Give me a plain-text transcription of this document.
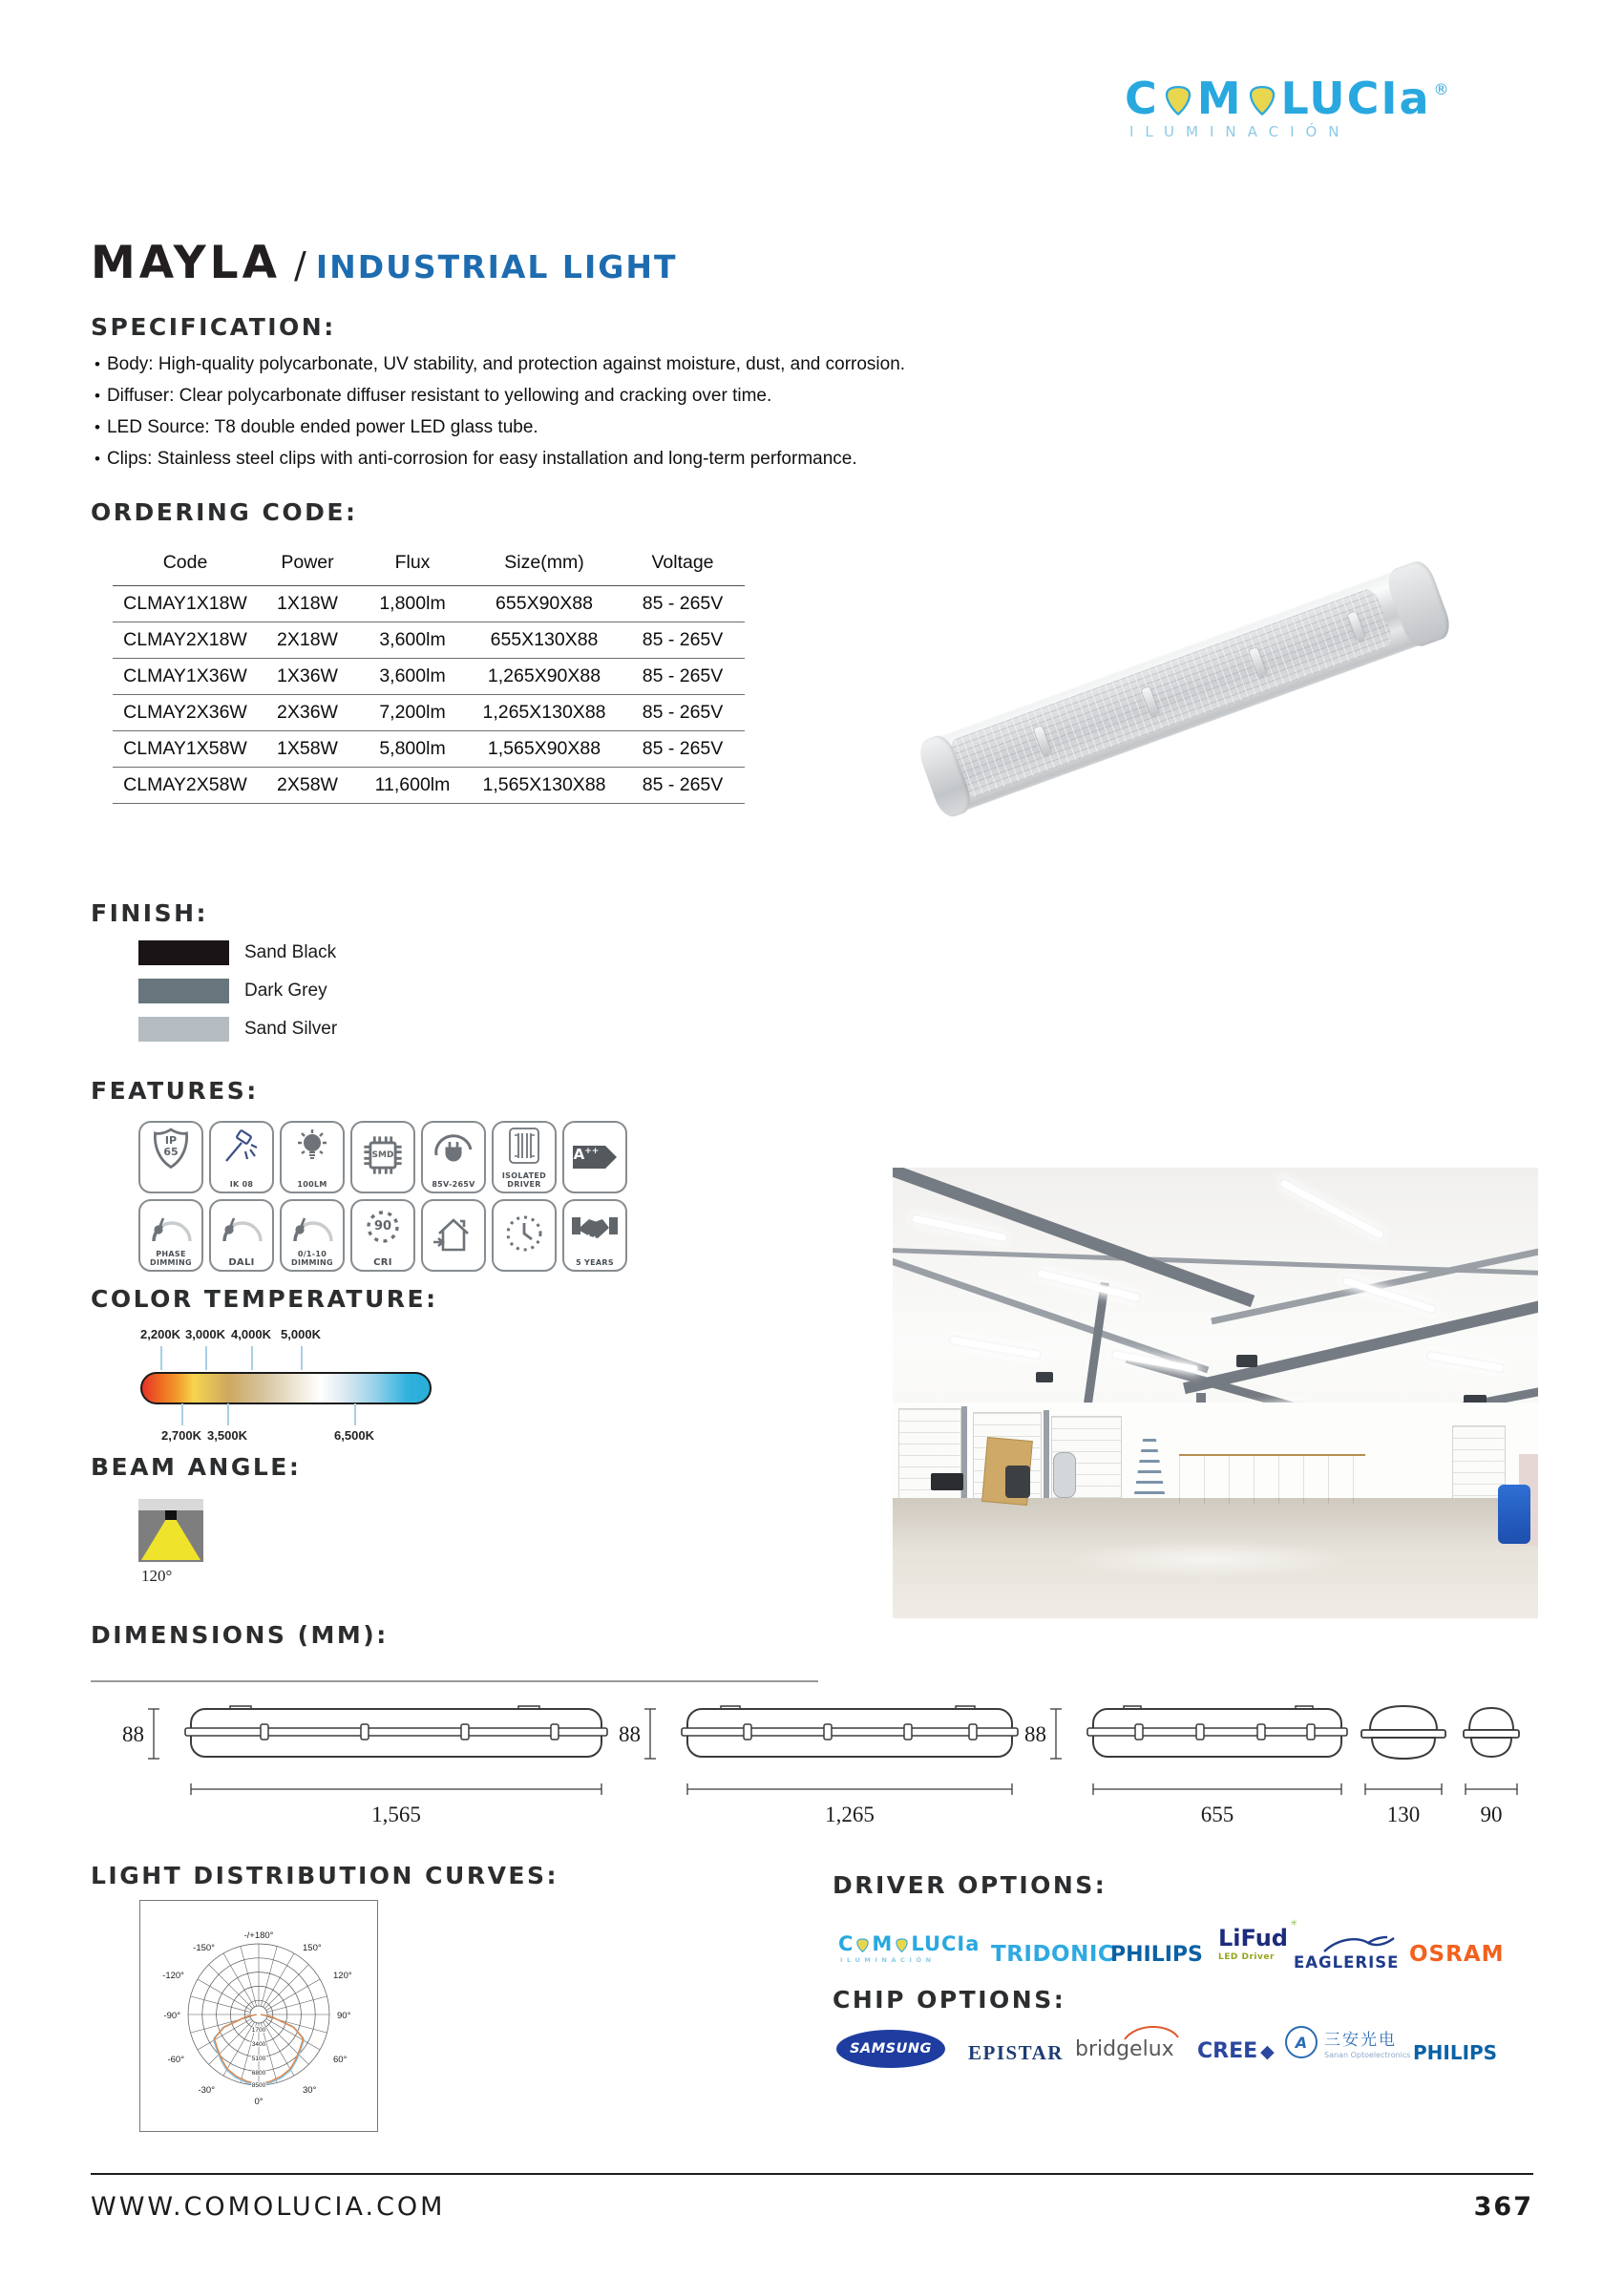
C M LUCIa ®
ILUMINACIÓN
MAYLA / INDUSTRIAL LIGHT
SPECIFICATION:
• Body: High-quality polycarbonate, UV stability, and protection against moisture, dust, and corrosion.
• Diffuser: Clear polycarbonate diffuser resistant to yellowing and cracking over time.
• LED Source: T8 double ended power LED glass tube.
• Clips: Stainless steel clips with anti-corrosion for easy installation and long-term performance.
ORDERING CODE:
Code	Power	Flux	Size(mm)	Voltage
CLMAY1X18W	1X18W	1,800lm	655X90X88	85 - 265V
CLMAY2X18W	2X18W	3,600lm	655X130X88	85 - 265V
CLMAY1X36W	1X36W	3,600lm	1,265X90X88	85 - 265V
CLMAY2X36W	2X36W	7,200lm	1,265X130X88	85 - 265V
CLMAY1X58W	1X58W	5,800lm	1,565X90X88	85 - 265V
CLMAY2X58W	2X58W	11,600lm	1,565X130X88	85 - 265V
FINISH:
Sand Black
Dark Grey
Sand Silver
FEATURES:
IP
65
IK 08	100LM
SMD
85V-265V
ISOLATED
DRIVER
A++
PHASE
DIMMING	DALI
0/1-10
DIMMING
90
CRI	5 YEARS
COLOR TEMPERATURE:
2,200K 3,000K 4,000K 5,000K
2,700K 3,500K	6,500K
BEAM ANGLE:
120°
DIMENSIONS (MM):
88	88	88
1,565	1,265	655	130	90
LIGHT DISTRIBUTION CURVES:
-/+180°
150°
-150°
120°
-120°
90°
-90°
60°
-60°
30°
-30°
0°
1700
3400
5100
6800
8500
DRIVER OPTIONS:
C M LUCIa
ILUMINACIÓN	TRIDONIC
PHILIPS
LiFud
✳
LED Driver	EAGLERISE OSRAM
CHIP OPTIONS:
SAMSUNG EPISTAR bridgelux CREE ◆ A 三安光电
Sanan Optoelectronics PHILIPS
WWW.COMOLUCIA.COM	367
